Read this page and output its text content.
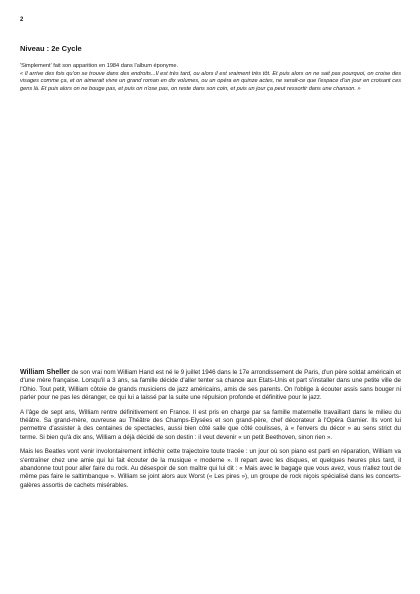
2
Niveau : 2e Cycle

'Simplement' fait son apparition en 1984 dans l'album éponyme.

« Il arrive des fois qu'on se trouve dans des endroits...Il est très tard, ou alors il est vraiment très tôt. Et puis alors on ne sait pas pourquoi, on croise des visages comme ça, et on aimerait vivre un grand roman en dix volumes, ou un opéra en quinze actes, ne serait-ce que l'espace d'un jour en croisant ces gens là. Et puis alors on ne bouge pas, et puis on n'ose pas, on reste dans son coin, et puis un jour ça peut ressortir dans une chanson. »

William Sheller de son vrai nom William Hand est né le 9 juillet 1946 dans le 17e arrondissement de Paris, d'un père soldat américain et d'une mère française. Lorsqu'il a 3 ans, sa famille décide d'aller tenter sa chance aux Etats-Unis et part s'installer dans une petite ville de l'Ohio. Tout petit, William côtoie de grands musiciens de jazz américains, amis de ses parents. On l'oblige à écouter assis sans bouger ni parler pour ne pas les déranger, ce qui lui a laissé par la suite une répulsion profonde et définitive pour le jazz.

A l'âge de sept ans, William rentre définitivement en France. Il est pris en charge par sa famille maternelle travaillant dans le milieu du théâtre. Sa grand-mère, ouvreuse au Théâtre des Champs-Elysées et son grand-père, chef décorateur à l'Opéra Garnier. Ils vont lui permettre d'assister à des centaines de spectacles, aussi bien côté salle que côté coulisses, à « l'envers du décor » au sens strict du terme. Si bien qu'à dix ans, William a déjà décidé de son destin : il veut devenir « un petit Beethoven, sinon rien ».

Mais les Beatles vont venir involontairement infléchir cette trajectoire toute tracée : un jour où son piano est parti en réparation, William va s'entraîner chez une amie qui lui fait écouter de la musique « moderne ». Il repart avec les disques, et quelques heures plus tard, il abandonne tout pour aller faire du rock. Au désespoir de son maître qui lui dit : « Mais avec le bagage que vous avez, vous n'allez tout de même pas faire le saltimbanque ». William se joint alors aux Worst (« Les pires »), un groupe de rock niçois spécialisé dans les concerts-galères assortis de cachets misérables.
